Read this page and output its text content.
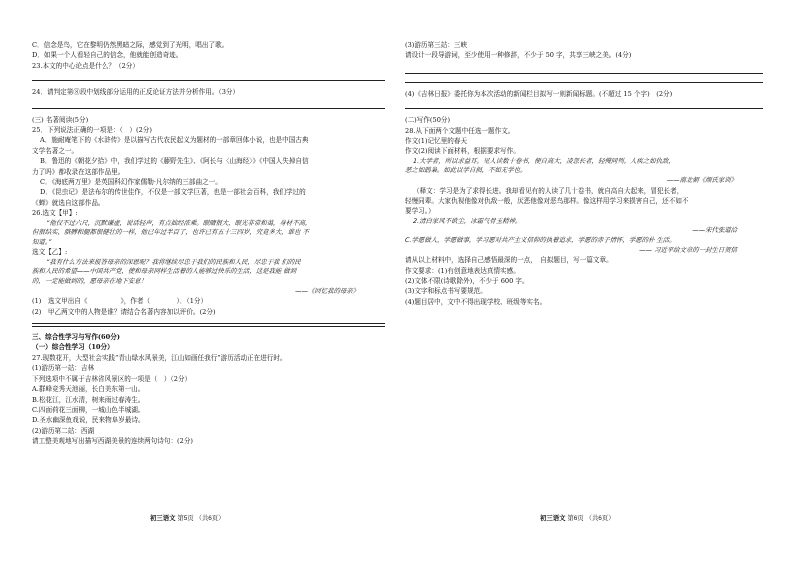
C．信念是鸟，它在黎明仍然黑暗之际，感觉到了光明，唱出了歌。
D．如果一个人看轻自己的信念，他就能创造奇迹。
23.本文的中心论点是什么？（2分）
24．请判定第⑧段中划线部分运用的正反论证方法并分析作用。（3分）
(三) 名著阅读(5分)
25．下列说法正确的一项是：（　）(2分)
A．施耐庵笔下的《水浒传》是以描写古代农民起义为题材的一部章回体小说，也是中国古典
文学名著之一。
B．鲁迅的《朝花夕拾》中，我们学过的《藤野先生》、《阿长与〈山海经〉》《中国人失掉自信
力了吗》都收录在这部作品里。
C．《海底两万里》是英国科幻作家儒勒·凡尔纳的三部曲之一。
D．《昆虫记》是法布尔的传世佳作，不仅是一部文学巨著，也是一部社会百科，我们学过的
《蝉》就选自这部作品。
26.选文【甲】:
“他仅不过六尺，沉默谦虚，说话轻声，有点拙经浓乘。眼睛很大，眼光非常和蔼，身材不高，
但很结实，胳膊和腿都很健壮的一样，他已年过半百了，也许已有五十三四岁，究竟多大，谁也 不
知道。”
选文【乙】:
“我有什么方法来报答母亲的深恩呢？我将继续尽忠于我们的民族和人民，尽忠于我 们的民
族和人民的希望——中国共产党，使和母亲同样生活着的人能够过快乐的生活，这是我能 做到
的，一定能做到的，愿母亲在地下安息！
——《回忆我的母亲》
(1)　选文甲出自《　　　　　》，作者（　　　　）．（1分）
(2)　甲乙两文中的人物是谁？请结合名著内容加以评价。(2分)
三、综合性学习与写作(60分)
（一）综合性学习（10分）
27.现数花开，大型社会实践“青山绿水风景美，江山如画任我行”游历活动正在进行时。
(1)游历第一站：吉林
下列选项中不属于吉林省风景区的一项是（　）（2分）
A.群峰竞秀天池丽，长白美东第一山。
B.松花江，江水清，树来雨过春涛生。
C.四面荷花三面柳，一城山色半城湖。
D.圣水幽深鱼戏说，民来物阜岁最诗。
(2)游历第二站：西湖
请工整美观地写出描写西湖美景的连续两句诗句：(2分)
(3)游历第三站：三峡
请设计一段导游词，至少使用一种修辞，不少于 50 字，共享三峡之美。(4分)
(4)《吉林日报》委托你为本次活动的新闻栏目拟写一则新闻标题。(不超过 15 个字)　(2分)
(二)写作(50分)
28.从下面两个文题中任选一题作文。
作文(1)记忆里的春天
作文(2)阅读下面材料，根据要求写作。
1.大学者，所以求益耳。见人读数十卷书，便自高大，凌忽长者，轻慢同列。人疾之如仇敌，
恶之如鸱枭。如此以学自损，不如无学也。
——南北朝《颜氏家训》
（释文：学习是为了求得长进。我却看见有的人读了几十卷书，就自高自大起来，冒犯长者，
轻慢同辈。大家仇视他像对仇敌一般，厌恶他像对恶鸟那样。像这样用学习来损害自己，还不如不
要学习。）
2.清白家风不欲尘，冰霜气骨玉精神。
——宋代张道洽
C.学愿做人，学愿做事，学习愿对共产主义信仰的执着追求，学愿的赤子情怀，学愿的朴 生活。
—— 习近平给文章的一封生日贺信
请从以上材料中，选择自己感悟最深的一点，　自拟题目，写一篇文章。
作文要求：(1)有创意地表达真情实感。
(2)文体不限(诗歌除外)，不少于 600 字。
(3)文字和标点书写要规范。
(4)题目居中，文中不得出现学校、班级等实名。
初三语文 第5页 （共6页）	初三语文 第6页 （共6页）
